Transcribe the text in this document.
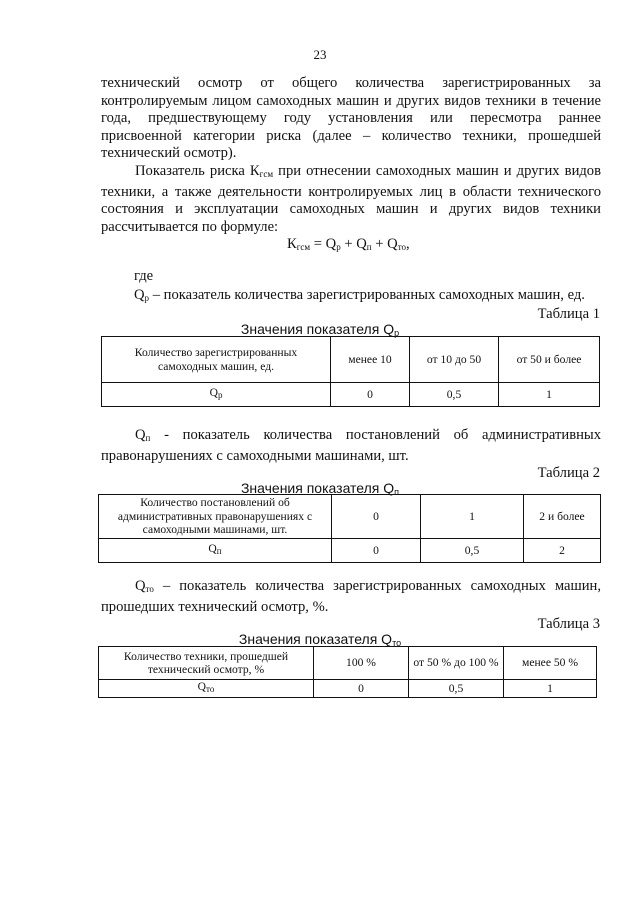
23
технический осмотр от общего количества зарегистрированных за
контролируемым лицом самоходных машин и других видов техники в течение
года, предшествующему году установления или пересмотра раннее
присвоенной категории риска (далее – количество техники, прошедшей
технический осмотр).
Показатель риска $К_{гсм}$ при отнесении самоходных машин и других видов
техники, а также деятельности контролируемых лиц в области технического
состояния и эксплуатации самоходных машин и других видов техники
рассчитывается по формуле:
$К_{гсм} = Q_р + Q_п + Q_{то}$,
где
$Q_р$ – показатель количества зарегистрированных самоходных машин, ед.
Таблица 1
Значения показателя $Q_р$
Количество зарегистрированных самоходных машин, ед.	менее 10	от 10 до 50	от 50 и более
$Q_р$	0	0,5	1
$Q_п$ - показатель количества постановлений об административных
правонарушениях с самоходными машинами, шт.
Таблица 2
Значения показателя $Q_п$
Количество постановлений об административных правонарушениях с самоходными машинами, шт.	0	1	2 и более
$Q_п$	0	0,5	2
$Q_{то}$ – показатель количества зарегистрированных самоходных машин,
прошедших технический осмотр, %.
Таблица 3
Значения показателя $Q_{то}$
Количество техники, прошедшей технический осмотр, %	100 %	от 50 % до 100 %	менее 50 %
$Q_{то}$	0	0,5	1
